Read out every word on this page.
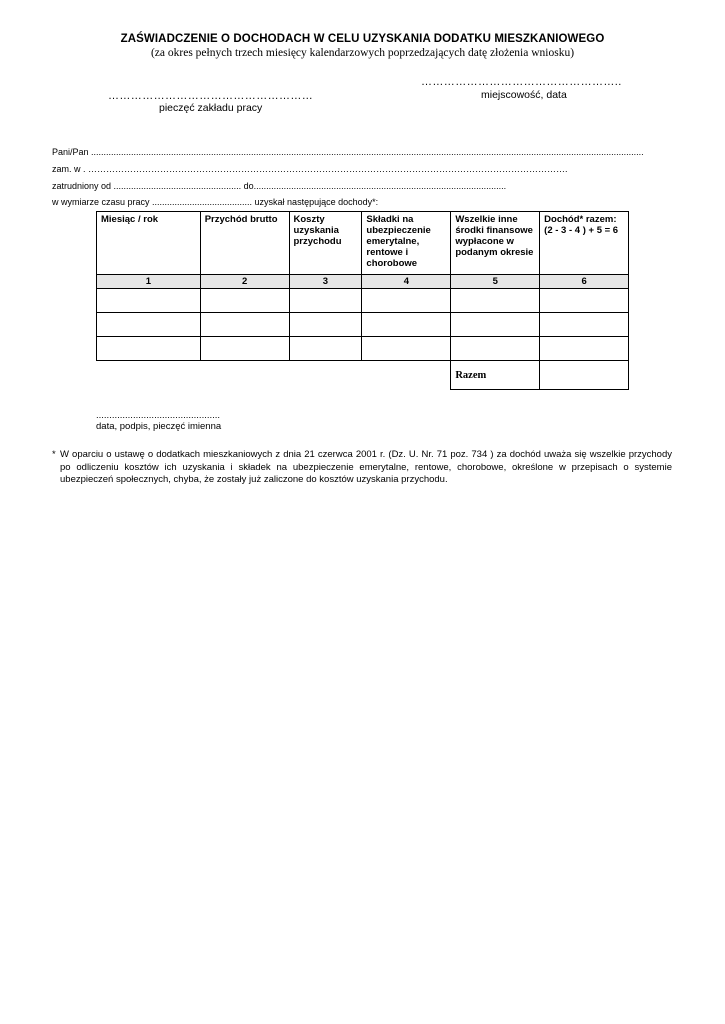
ZAŚWIADCZENIE O DOCHODACH W CELU UZYSKANIA DODATKU MIESZKANIOWEGO
(za okres pełnych trzech miesięcy kalendarzowych poprzedzających datę złożenia wniosku)
……………………………………………..
miejscowość, data
………………………………………………
pieczęć zakładu pracy
Pani/Pan .............................................................................................................................................................................................................................
zam. w . …………………………………………………………………………………………………………………………………………….
zatrudniony od ................................................... do.....................................................................................................
w wymiarze czasu pracy ........................................ uzyskał następujące dochody*:
Miesiąc / rok	Przychód brutto	Koszty uzyskania przychodu	Składki na ubezpieczenie emerytalne, rentowe i chorobowe	Wszelkie inne środki finansowe wypłacone w podanym okresie	Dochód* razem: (2 - 3 - 4 ) + 5 = 6
1	2	3	4	5	6

				Razem	
...............................................
data, podpis, pieczęć imienna
* W oparciu o ustawę o dodatkach mieszkaniowych z dnia 21 czerwca 2001 r. (Dz. U. Nr. 71 poz. 734 ) za dochód uważa się wszelkie przychody po odliczeniu kosztów ich uzyskania i składek na ubezpieczenie emerytalne, rentowe, chorobowe, określone w przepisach o systemie ubezpieczeń społecznych, chyba, że zostały już zaliczone do kosztów uzyskania przychodu.
